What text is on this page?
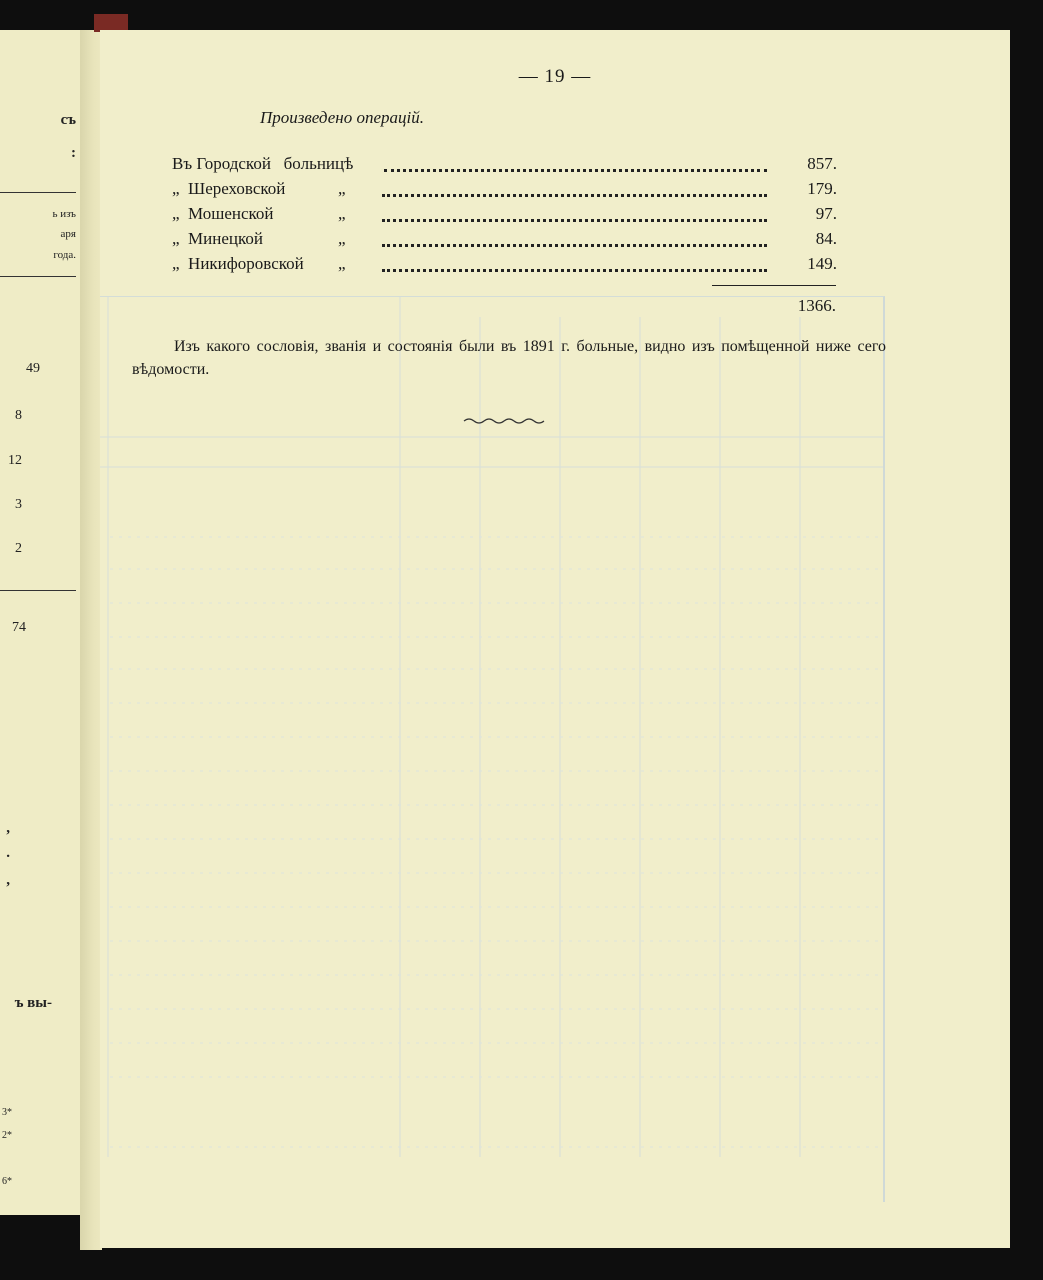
съ
:
ь изъ
аря
года.
49
8
12
3
2
74
,
.
,
ъ вы-
3*
2*
6*
— 19 —
Произведено операцій.
Въ Городской   больницѣ	857.
„  Шереховской	„	179.
„  Мошенской	„	97.
„  Минецкой	„	84.
„  Никифоровской „	149.
1366.
Изъ какого сословія, званія и состоянія были въ 1891 г. больные, видно изъ помѣщенной ниже сего вѣдомости.
